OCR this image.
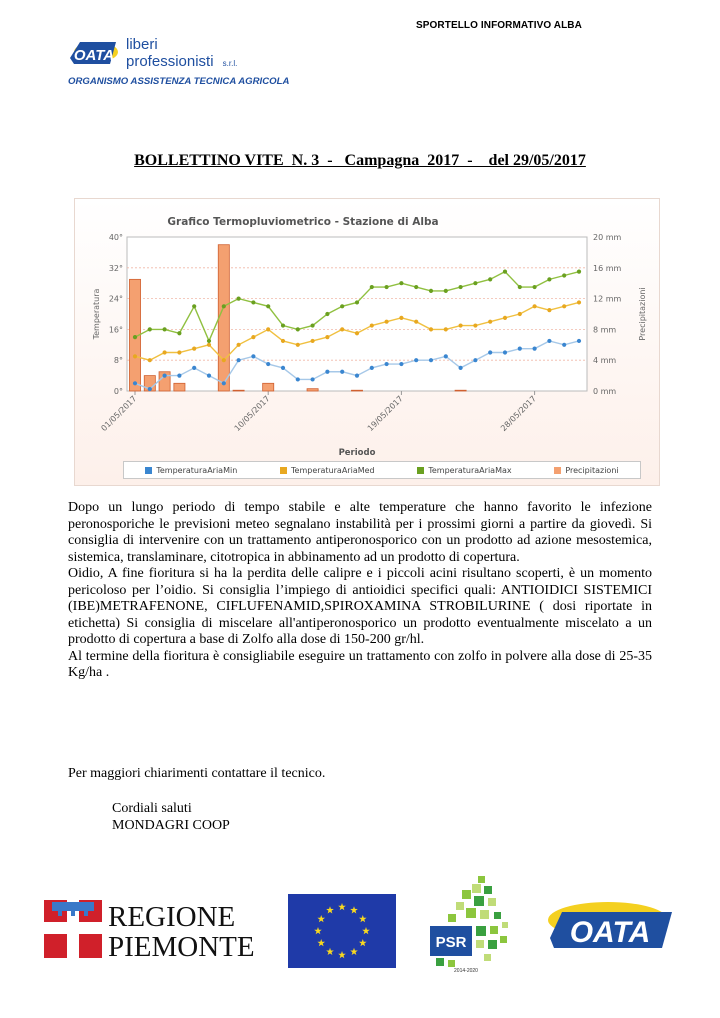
SPORTELLO INFORMATIVO ALBA
OATA
liberi
professionisti s.r.l.
ORGANISMO ASSISTENZA TECNICA AGRICOLA
BOLLETTINO VITE  N. 3  -   Campagna  2017  -    del 29/05/2017
Grafico Termopluviometrico - Stazione di Alba
0°	0 mm
8°	4 mm
16°	8 mm
24°	12 mm
32°	16 mm
40°	20 mm
Temperatura	Precipitazioni
Periodo
01/05/2017	10/05/2017	19/05/2017	28/05/2017
TemperaturaAriaMin	TemperaturaAriaMed	TemperaturaAriaMax	Precipitazioni

Dopo un lungo periodo di tempo stabile e alte temperature che hanno favorito le infezione peronosporiche le previsioni meteo segnalano instabilità per i prossimi giorni a partire da giovedì. Si consiglia di intervenire con un trattamento antiperonosporico con un prodotto ad azione mesostemica, sistemica, translaminare, citotropica in abbinamento ad un prodotto di copertura.

Oidio, A fine fioritura si ha la perdita delle calipre e i piccoli acini risultano scoperti, è un momento pericoloso per l’oidio. Si consiglia l’impiego di antioidici specifici quali: ANTIOIDICI SISTEMICI (IBE)METRAFENONE, CIFLUFENAMID,SPIROXAMINA STROBILURINE ( dosi riportate in etichetta) Si consiglia di miscelare all'antiperonosporico un prodotto eventualmente miscelato a un prodotto di copertura a base di Zolfo alla dose di 150-200 gr/hl.

Al termine della fioritura è consigliabile eseguire un trattamento con zolfo in polvere alla dose di 25-35 Kg/ha .

Per maggiori chiarimenti contattare il tecnico.
Cordiali saluti
MONDAGRI COOP
REGIONE
PIEMONTE	PSR
2014-2020
OATA
